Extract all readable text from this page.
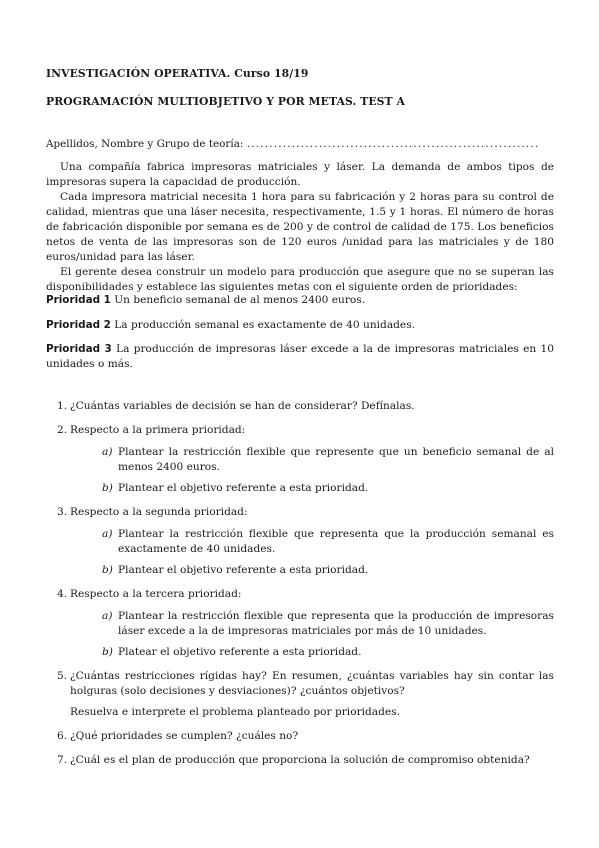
INVESTIGACIÓN OPERATIVA. Curso 18/19
PROGRAMACIÓN MULTIOBJETIVO Y POR METAS. TEST A
Apellidos, Nombre y Grupo de teoría: .................................................................

Una compañía fabrica impresoras matriciales y láser. La demanda de ambos tipos de impresoras supera la capacidad de producción.

Cada impresora matricial necesita 1 hora para su fabricación y 2 horas para su control de calidad, mientras que una láser necesita, respectivamente, 1.5 y 1 horas. El número de horas de fabricación disponible por semana es de 200 y de control de calidad de 175. Los beneficios netos de venta de las impresoras son de 120 euros /unidad para las matriciales y de 180 euros/unidad para las láser.

El gerente desea construir un modelo para producción que asegure que no se superan las disponibilidades y establece las siguientes metas con el siguiente orden de prioridades:

Prioridad 1 Un beneficio semanal de al menos 2400 euros.
Prioridad 2 La producción semanal es exactamente de 40 unidades.
Prioridad 3 La producción de impresoras láser excede a la de impresoras matriciales en 10 unidades o más.
1. ¿Cuántas variables de decisión se han de considerar? Defínalas.
2. Respecto a la primera prioridad:
a) Plantear la restricción flexible que represente que un beneficio semanal de al menos 2400 euros.
b) Plantear el objetivo referente a esta prioridad.
3. Respecto a la segunda prioridad:
a) Plantear la restricción flexible que representa que la producción semanal es exactamente de 40 unidades.
b) Plantear el objetivo referente a esta prioridad.
4. Respecto a la tercera prioridad:
a) Plantear la restricción flexible que representa que la producción de impresoras láser excede a la de impresoras matriciales por más de 10 unidades.
b) Platear el objetivo referente a esta prioridad.
5. ¿Cuántas restricciones rígidas hay? En resumen, ¿cuántas variables hay sin contar las holguras (solo decisiones y desviaciones)? ¿cuántos objetivos?
Resuelva e interprete el problema planteado por prioridades.
6. ¿Qué prioridades se cumplen? ¿cuáles no?
7. ¿Cuál es el plan de producción que proporciona la solución de compromiso obtenida?
